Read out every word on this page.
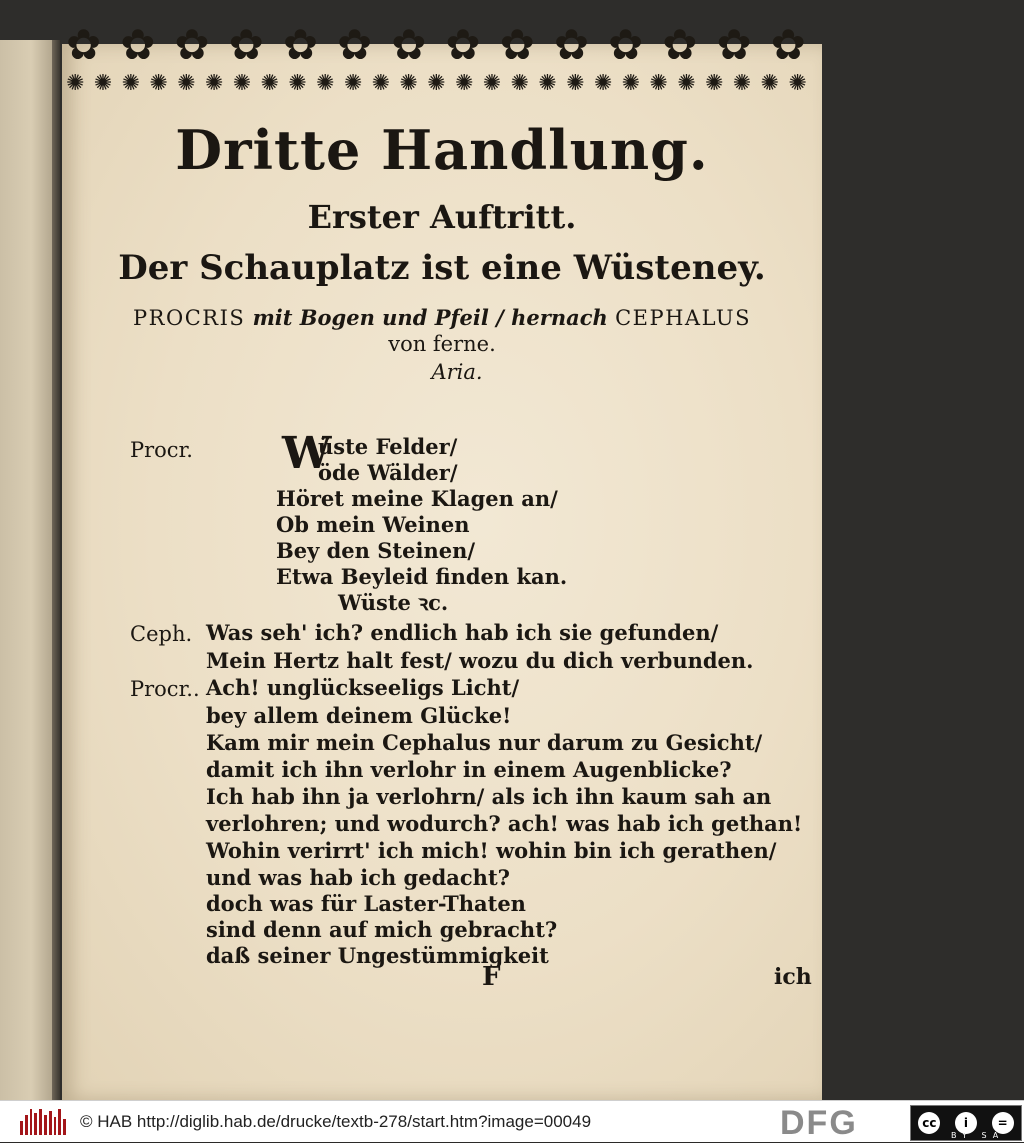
✿ ✿ ✿ ✿ ✿ ✿ ✿ ✿ ✿ ✿ ✿ ✿ ✿ ✿
✺ ✺ ✺ ✺ ✺ ✺ ✺ ✺ ✺ ✺ ✺ ✺ ✺ ✺ ✺ ✺ ✺ ✺ ✺ ✺ ✺ ✺ ✺ ✺ ✺ ✺ ✺
Dritte Handlung.
Erster Auftritt.
Der Schauplatz ist eine Wüsteney.
PROCRIS mit Bogen und Pfeil / hernach CEPHALUS
von ferne.
Aria.
Procr. W
üste Felder/
öde Wälder/
Höret meine Klagen an/
Ob mein Weinen
Bey den Steinen/
Etwa Beyleid finden kan.
Wüste ꝛc.
Ceph. Was seh' ich? endlich hab ich sie gefunden/
Mein Hertz halt fest/ wozu du dich verbunden.
Procr.. Ach! unglückseeligs Licht/
bey allem deinem Glücke!
Kam mir mein Cephalus nur darum zu Gesicht/
damit ich ihn verlohr in einem Augenblicke?
Ich hab ihn ja verlohrn/ als ich ihn kaum sah an
verlohren; und wodurch? ach! was hab ich gethan!
Wohin verirrt' ich mich! wohin bin ich gerathen/
und was hab ich gedacht?
doch was für Laster-Thaten
sind denn auf mich gebracht?
daß seiner Ungestümmigkeit
F	ich
© HAB http://diglib.hab.de/drucke/textb-278/start.htm?image=00049	DFG	cc	i	=
BY SA
